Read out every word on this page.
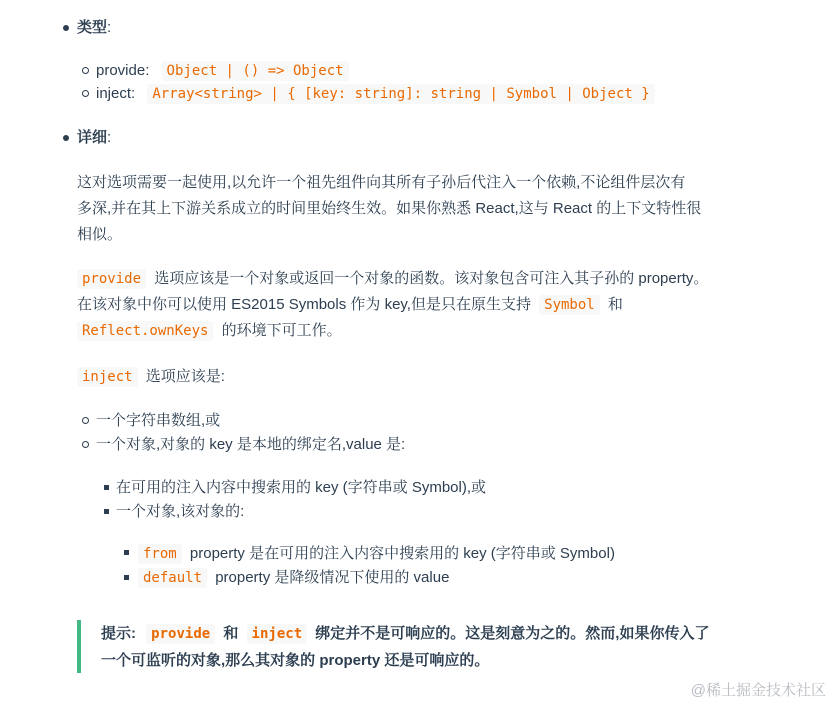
类型:
provide: Object | () => Object
inject: Array<string> | { [key: string]: string | Symbol | Object }
详细:
这对选项需要一起使用,以允许一个祖先组件向其所有子孙后代注入一个依赖,不论组件层次有
多深,并在其上下游关系成立的时间里始终生效。如果你熟悉 React,这与 React 的上下文特性很
相似。
provide 选项应该是一个对象或返回一个对象的函数。该对象包含可注入其子孙的 property。
在该对象中你可以使用 ES2015 Symbols 作为 key,但是只在原生支持 Symbol 和
Reflect.ownKeys 的环境下可工作。
inject 选项应该是:
一个字符串数组,或
一个对象,对象的 key 是本地的绑定名,value 是:
在可用的注入内容中搜索用的 key (字符串或 Symbol),或
一个对象,该对象的:
from property 是在可用的注入内容中搜索用的 key (字符串或 Symbol)
default property 是降级情况下使用的 value
提示: provide 和 inject 绑定并不是可响应的。这是刻意为之的。然而,如果你传入了
一个可监听的对象,那么其对象的 property 还是可响应的。
@稀土掘金技术社区
